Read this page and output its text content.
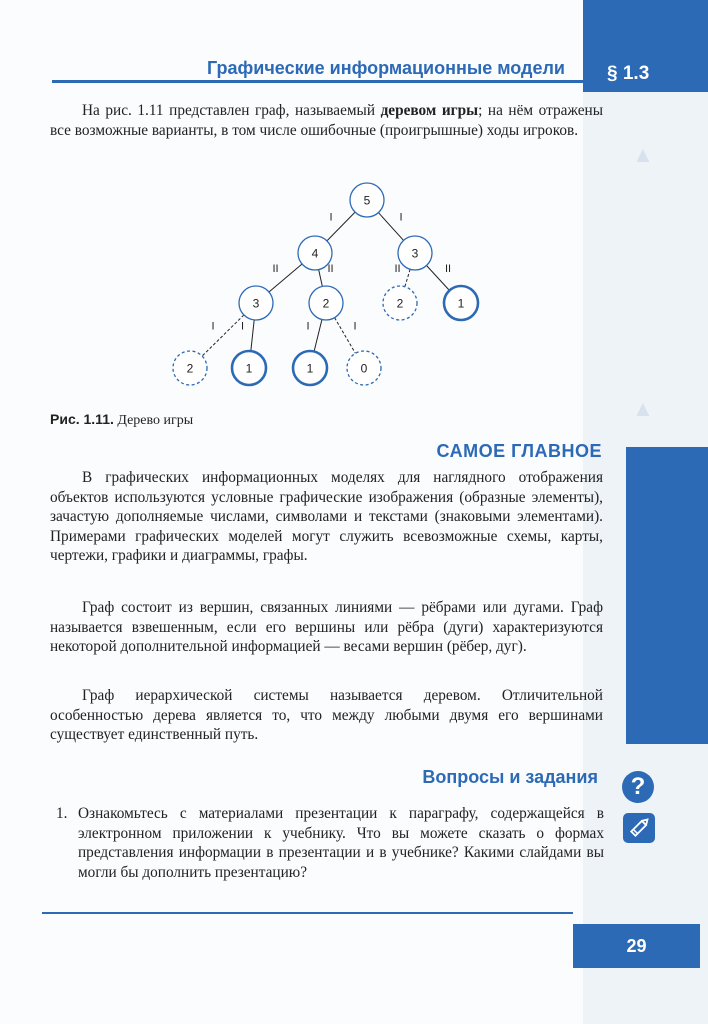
§ 1.3
▲
▲
Графические информационные модели
На рис. 1.11 представлен граф, называемый деревом игры; на нём отражены все возможные варианты, в том числе ошибочные (проигрышные) ходы игроков.
I	I
II	II	II	II
I I	I	I
5
4	3
3	2	2	1
2	1	1	0
Рис. 1.11. Дерево игры
САМОЕ ГЛАВНОЕ
В графических информационных моделях для наглядного отображения объектов используются условные графические изображения (образные элементы), зачастую дополняемые числами, символами и текстами (знаковыми элементами). Примерами графических моделей могут служить всевозможные схемы, карты, чертежи, графики и диаграммы, графы.
Граф состоит из вершин, связанных линиями — рёбрами или дугами. Граф называется взвешенным, если его вершины или рёбра (дуги) характеризуются некоторой дополнительной информацией — весами вершин (рёбер, дуг).
Граф иерархической системы называется деревом. Отличительной особенностью дерева является то, что между любыми двумя его вершинами существует единственный путь.
Вопросы и задания	?
1. Ознакомьтесь с материалами презентации к параграфу, содержащейся в электронном приложении к учебнику. Что вы можете сказать о формах представления информации в презентации и в учебнике? Какими слайдами вы могли бы дополнить презентацию?
29
